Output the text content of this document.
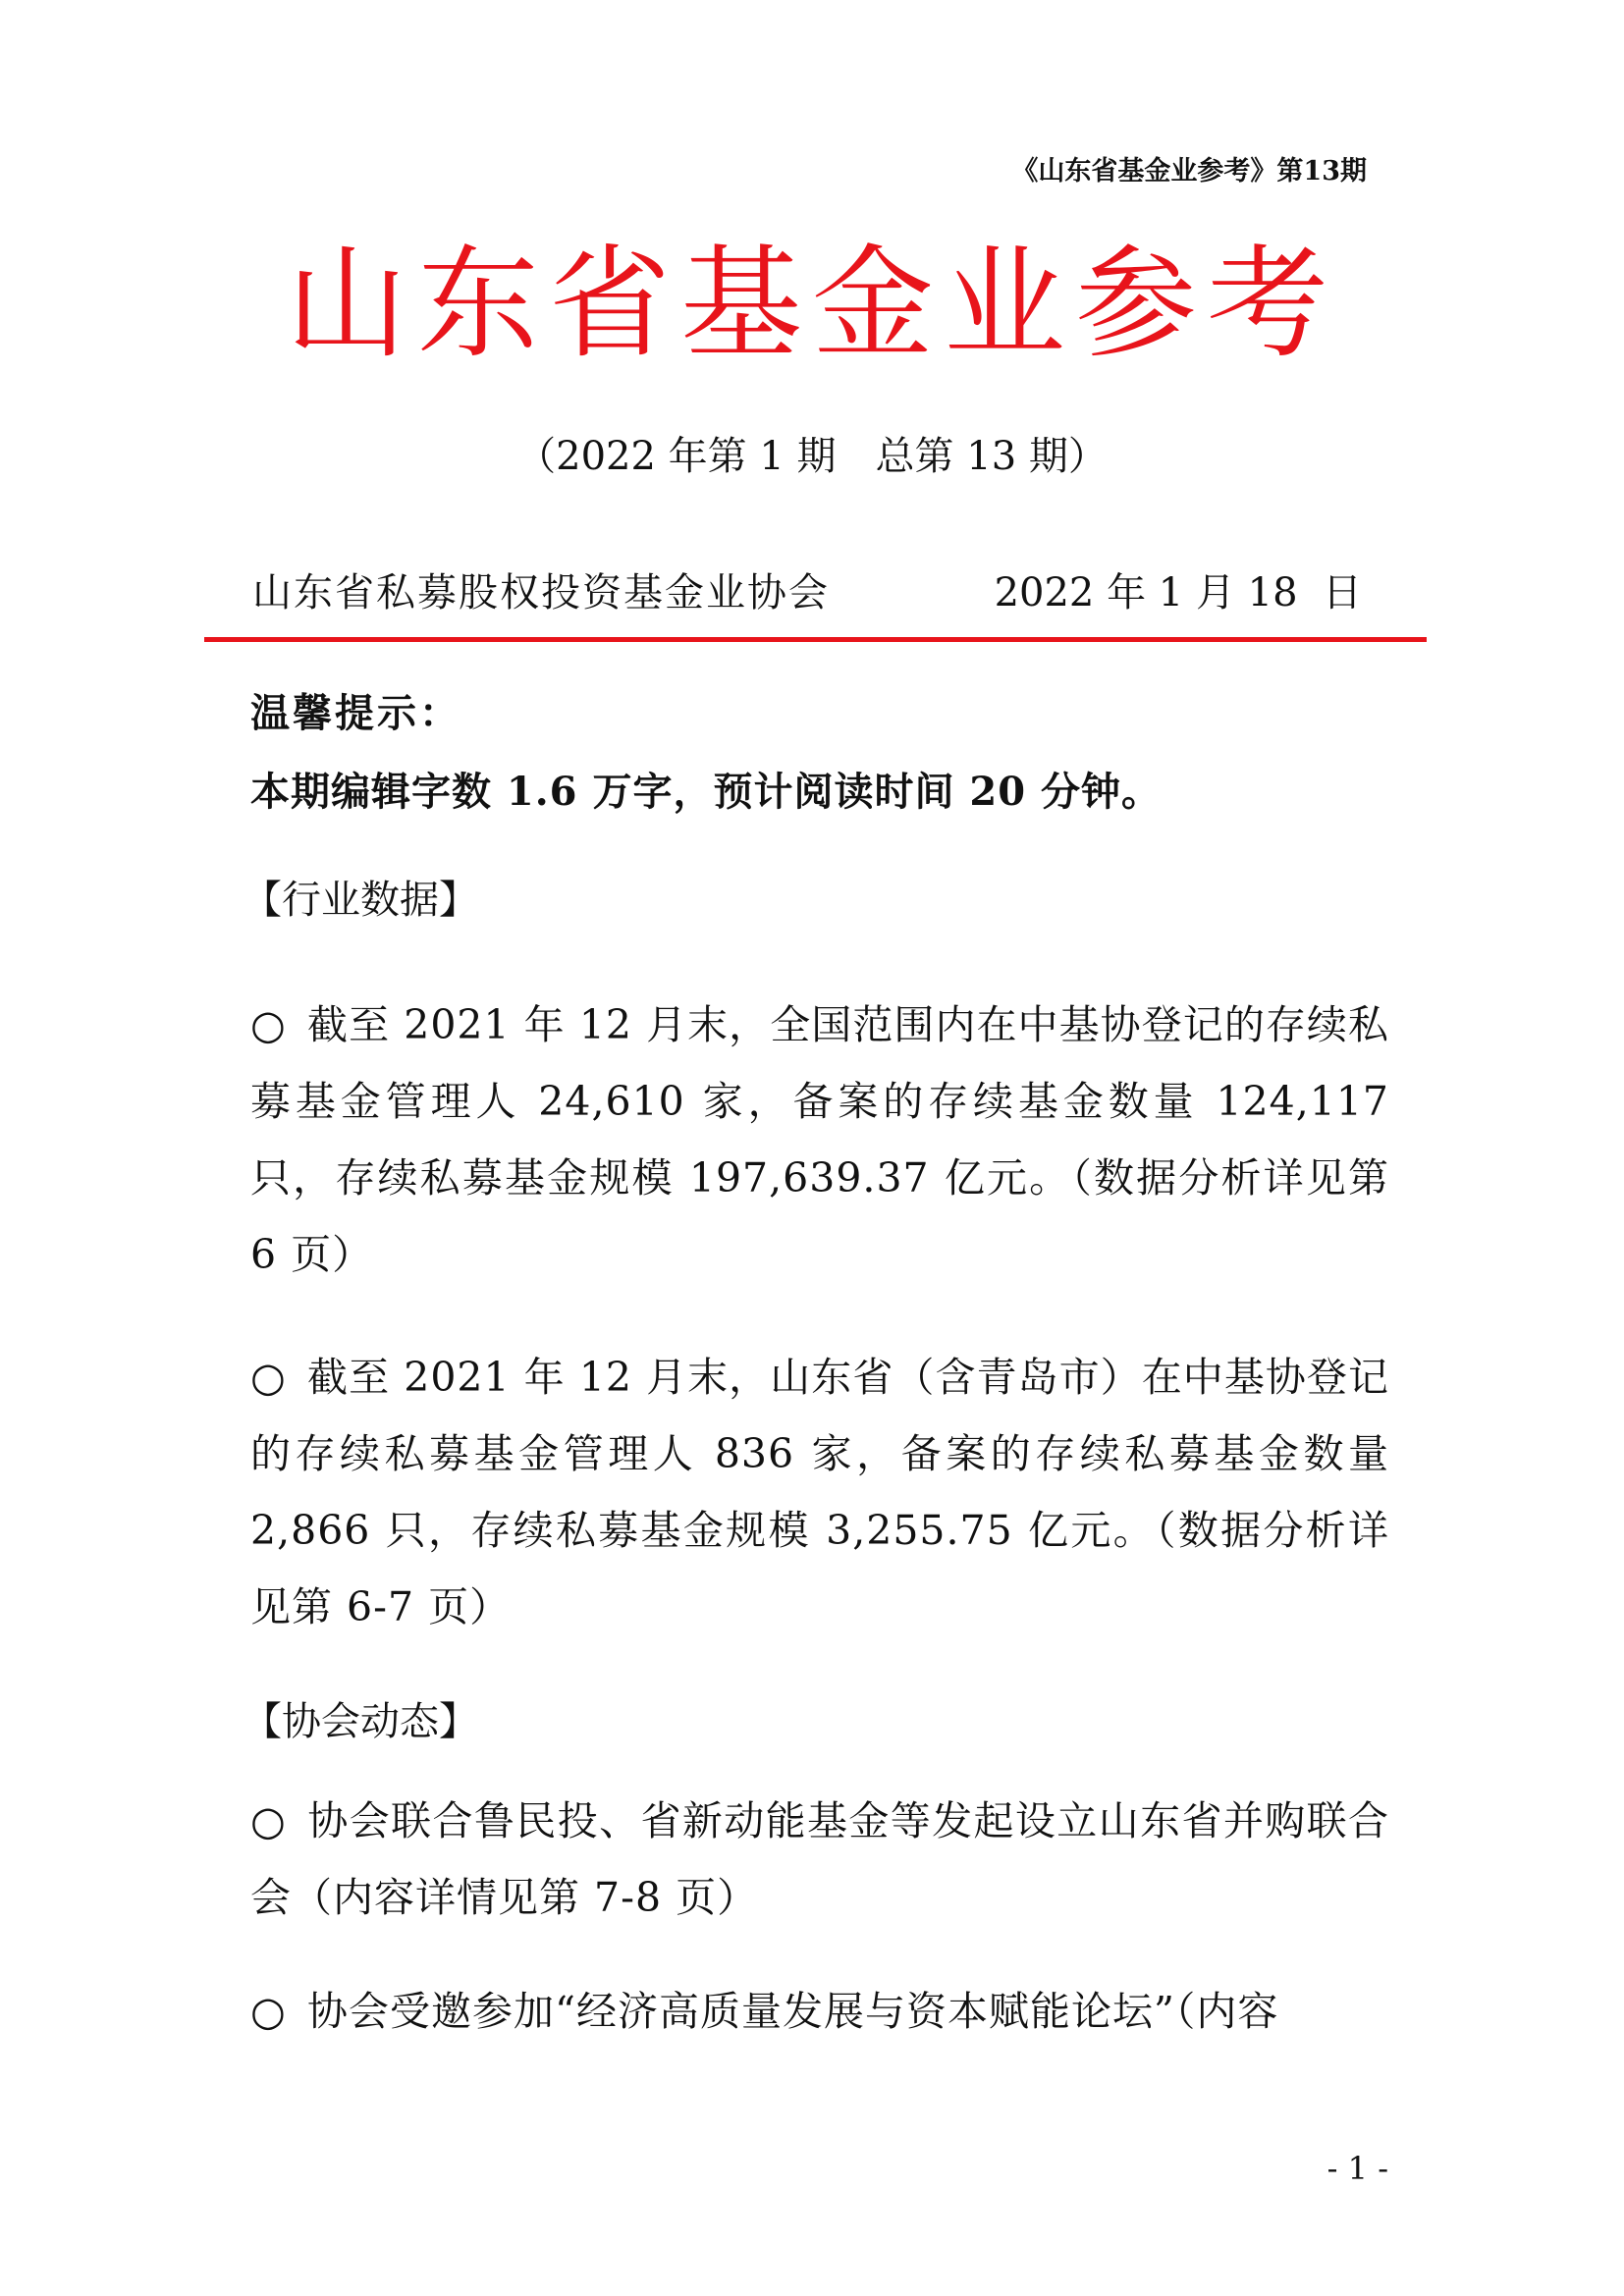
《山东省基金业参考》第13期
山东省基金业参考
（2022 年第 1 期　总第 13 期）
山东省私募股权投资基金业协会	2022 年 1 月 18  日
温馨提示：
本期编辑字数 1.6 万字，预计阅读时间 20 分钟。
【行业数据】
○ 截至 2021 年 12 月末，全国范围内在中基协登记的存续私募基金管理人 24,610 家，备案的存续基金数量 124,117 只，存续私募基金规模 197,639.37 亿元。（数据分析详见第 6 页）
○ 截至 2021 年 12 月末，山东省（含青岛市）在中基协登记的存续私募基金管理人 836 家，备案的存续私募基金数量 2,866 只，存续私募基金规模 3,255.75 亿元。（数据分析详见第 6-7 页）
【协会动态】
○ 协会联合鲁民投、省新动能基金等发起设立山东省并购联合会（内容详情见第 7-8 页）
○ 协会受邀参加“经济高质量发展与资本赋能论坛”（内容
- 1 -
